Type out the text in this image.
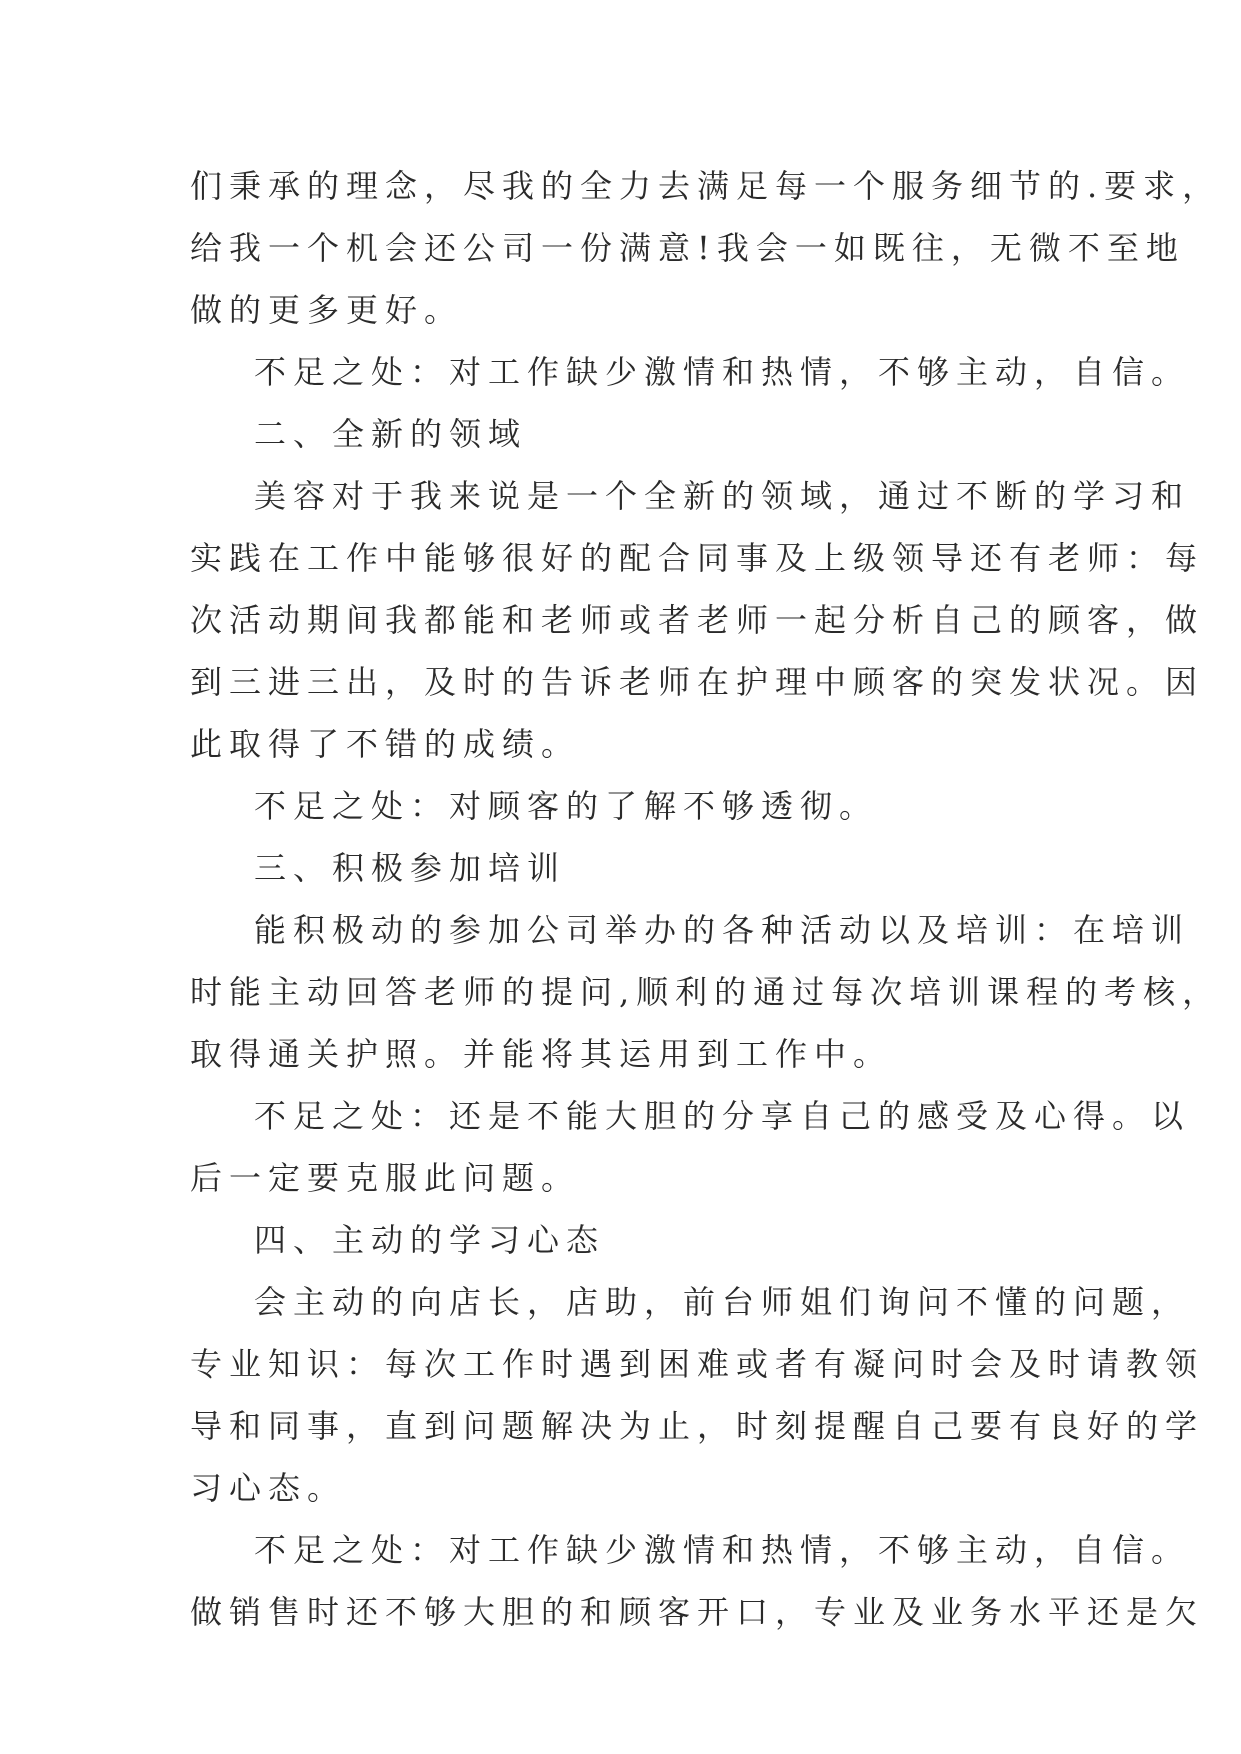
们秉承的理念，尽我的全力去满足每一个服务细节的.要求，
给我一个机会还公司一份满意!我会一如既往，无微不至地
做的更多更好。
不足之处：对工作缺少激情和热情，不够主动，自信。
二、全新的领域
美容对于我来说是一个全新的领域，通过不断的学习和
实践在工作中能够很好的配合同事及上级领导还有老师：每
次活动期间我都能和老师或者老师一起分析自己的顾客，做
到三进三出，及时的告诉老师在护理中顾客的突发状况。因
此取得了不错的成绩。
不足之处：对顾客的了解不够透彻。
三、积极参加培训
能积极动的参加公司举办的各种活动以及培训：在培训
时能主动回答老师的提问,顺利的通过每次培训课程的考核，
取得通关护照。并能将其运用到工作中。
不足之处：还是不能大胆的分享自己的感受及心得。以
后一定要克服此问题。
四、主动的学习心态
会主动的向店长，店助，前台师姐们询问不懂的问题，
专业知识：每次工作时遇到困难或者有凝问时会及时请教领
导和同事，直到问题解决为止，时刻提醒自己要有良好的学
习心态。
不足之处：对工作缺少激情和热情，不够主动，自信。
做销售时还不够大胆的和顾客开口，专业及业务水平还是欠
